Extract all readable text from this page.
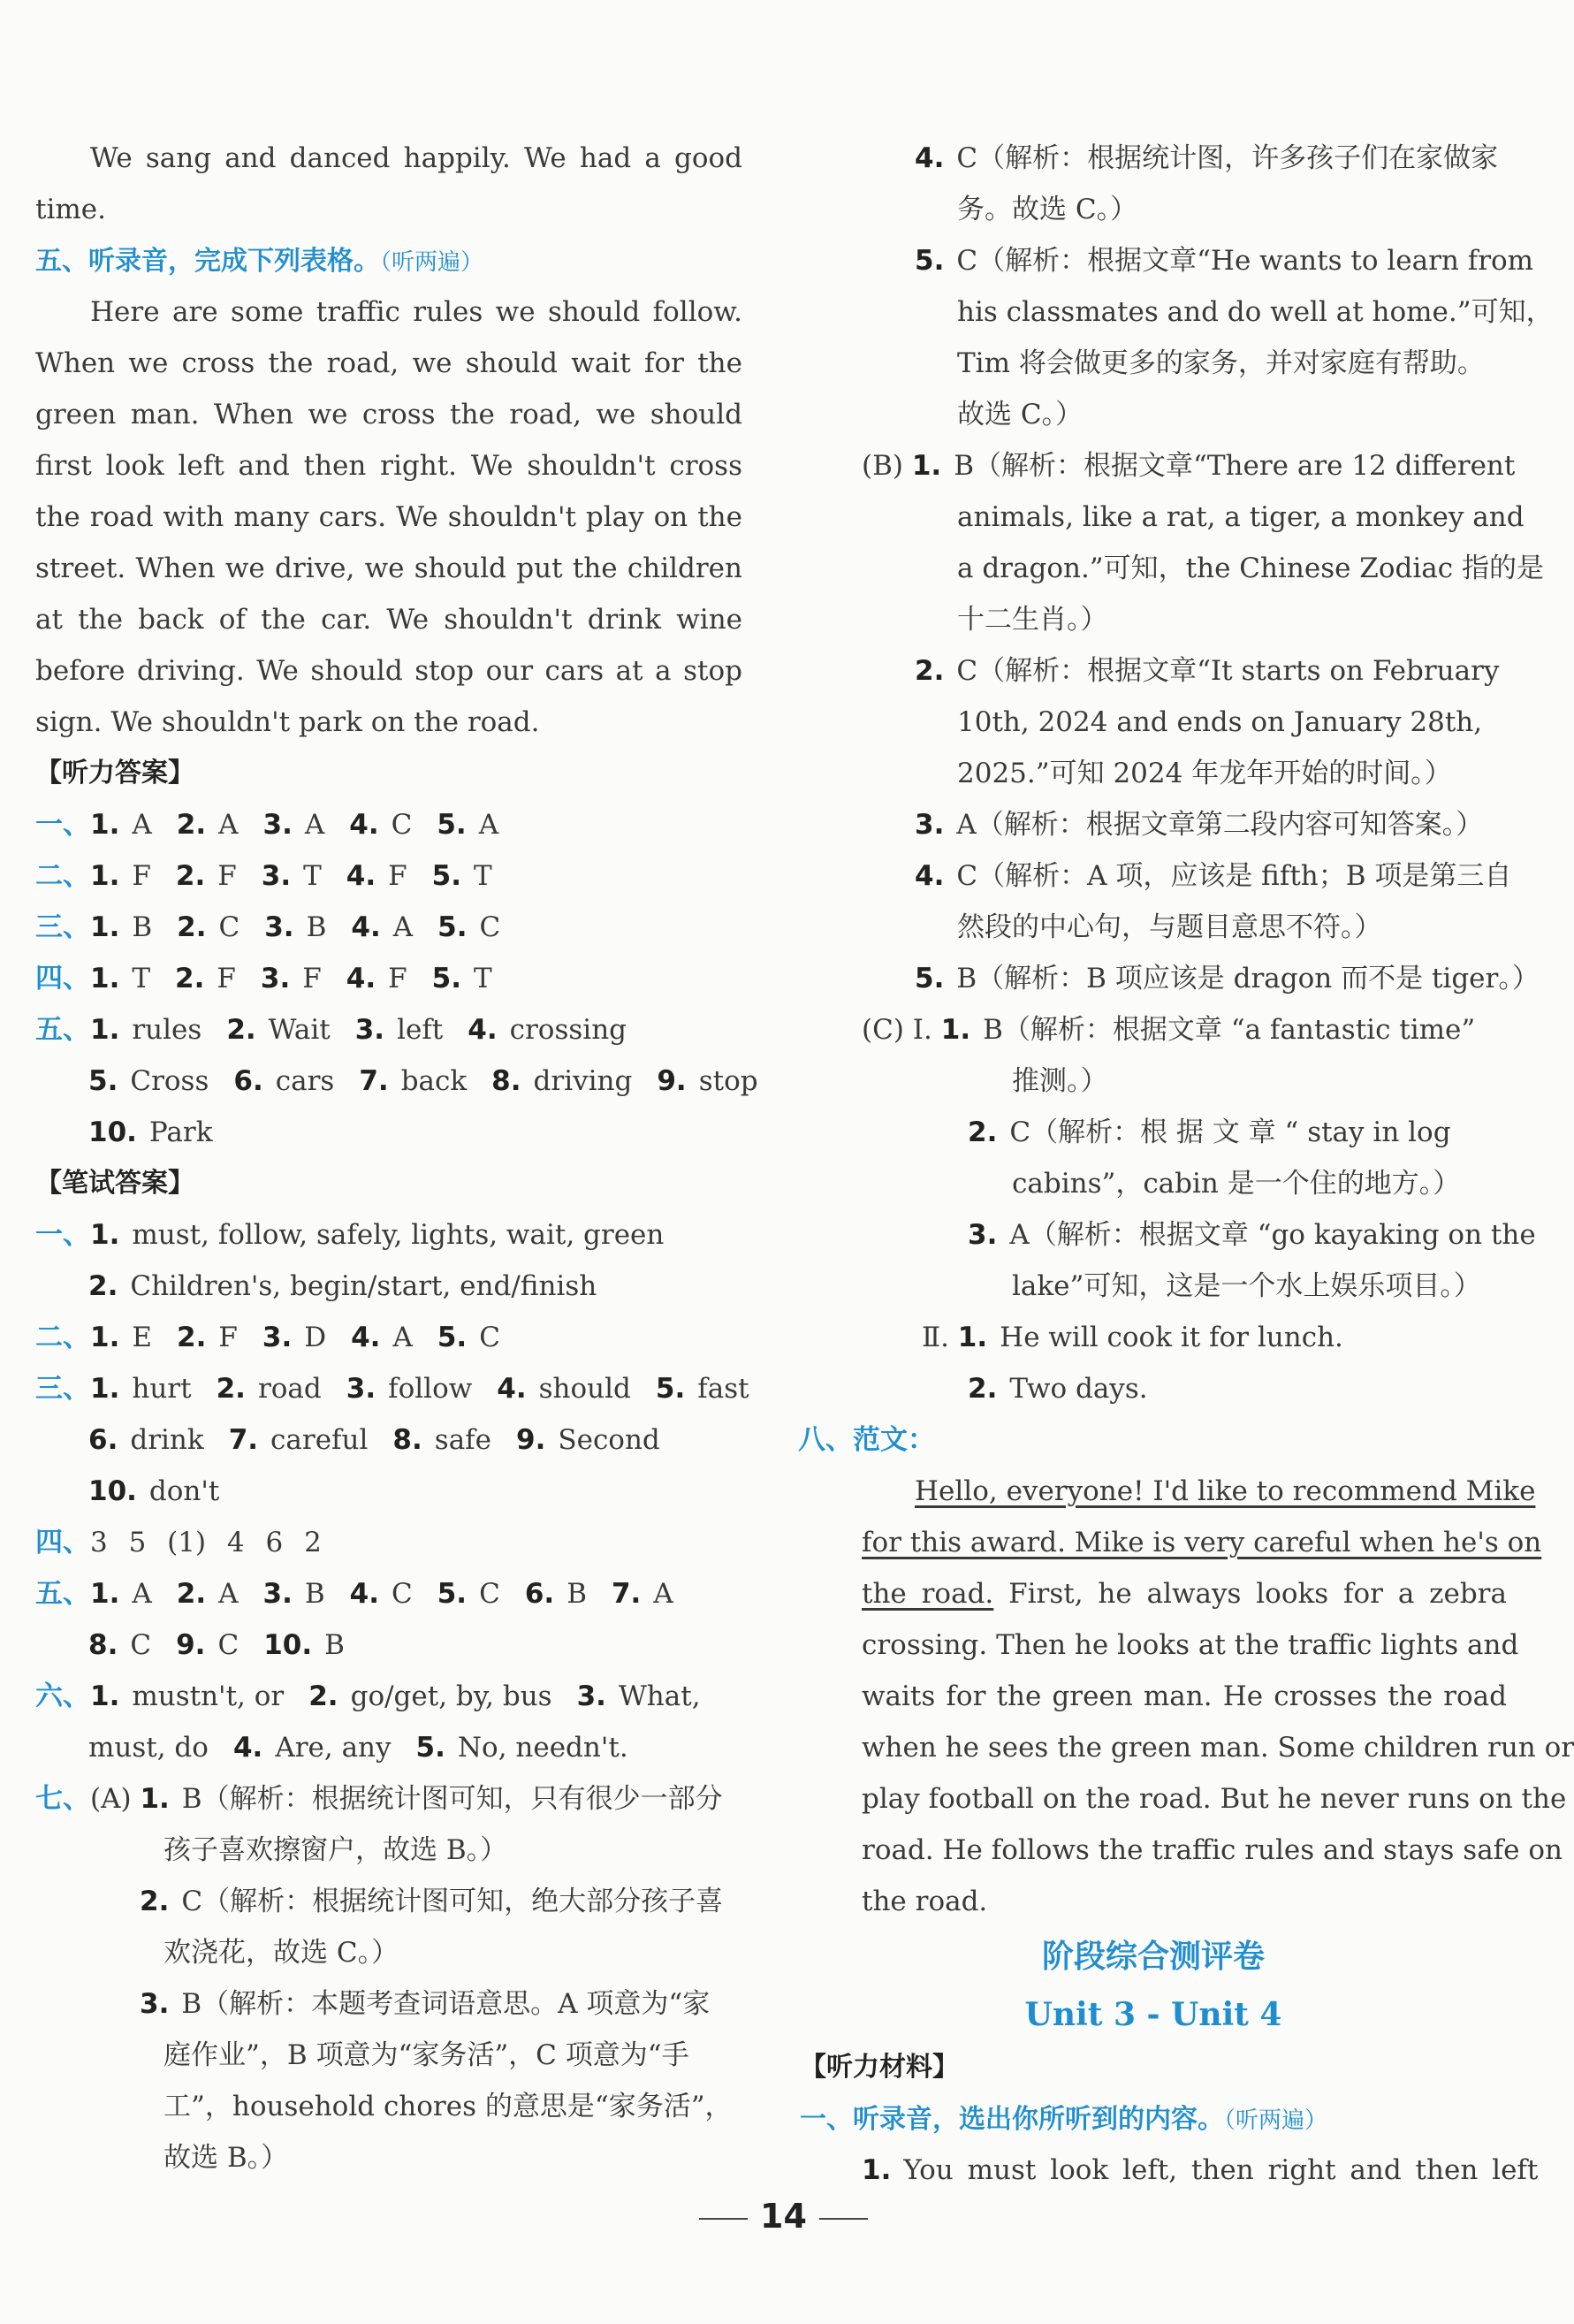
We sang and danced happily. We had a good
time.
五、听录音，完成下列表格。（听两遍）
Here are some traffic rules we should follow.
When we cross the road, we should wait for the
green man. When we cross the road, we should
first look left and then right. We shouldn't cross
the road with many cars. We shouldn't play on the
street. When we drive, we should put the children
at the back of the car. We shouldn't drink wine
before driving. We should stop our cars at a stop
sign. We shouldn't park on the road.
【听力答案】
一、1. A 2. A 3. A 4. C 5. A
二、1. F 2. F 3. T 4. F 5. T
三、1. B 2. C 3. B 4. A 5. C
四、1. T 2. F 3. F 4. F 5. T
五、1. rules 2. Wait 3. left 4. crossing
5. Cross 6. cars 7. back 8. driving 9. stop
10. Park
【笔试答案】
一、1. must, follow, safely, lights, wait, green
2. Children's, begin/start, end/finish
二、1. E 2. F 3. D 4. A 5. C
三、1. hurt 2. road 3. follow 4. should 5. fast
6. drink 7. careful 8. safe 9. Second
10. don't
四、3 5 (1) 4 6 2
五、1. A 2. A 3. B 4. C 5. C 6. B 7. A
8. C 9. C 10. B
六、1. mustn't, or 2. go/get, by, bus 3. What,
must, do 4. Are, any 5. No, needn't.
七、(A) 1. B（解析：根据统计图可知，只有很少一部分
孩子喜欢擦窗户，故选 B。）
2. C（解析：根据统计图可知，绝大部分孩子喜
欢浇花，故选 C。）
3. B（解析：本题考查词语意思。A 项意为“家
庭作业”，B 项意为“家务活”，C 项意为“手
工”，household chores 的意思是“家务活”，
故选 B。）
4. C（解析：根据统计图，许多孩子们在家做家
务。故选 C。）
5. C（解析：根据文章“He wants to learn from
his classmates and do well at home.”可知，
Tim 将会做更多的家务，并对家庭有帮助。
故选 C。）
(B) 1. B（解析：根据文章“There are 12 different
animals, like a rat, a tiger, a monkey and
a dragon.”可知，the Chinese Zodiac 指的是
十二生肖。）
2. C（解析：根据文章“It starts on February
10th, 2024 and ends on January 28th,
2025.”可知 2024 年龙年开始的时间。）
3. A（解析：根据文章第二段内容可知答案。）
4. C（解析：A 项，应该是 fifth；B 项是第三自
然段的中心句，与题目意思不符。）
5. B（解析：B 项应该是 dragon 而不是 tiger。）
(C) Ⅰ. 1. B（解析：根据文章 “a fantastic time”
推测。）
2. C（解析：根 据 文 章 “ stay in log
cabins”，cabin 是一个住的地方。）
3. A（解析：根据文章 “go kayaking on the
lake”可知，这是一个水上娱乐项目。）
Ⅱ. 1. He will cook it for lunch.
2. Two days.
八、范文：
Hello, everyone! I'd like to recommend Mike
for this award. Mike is very careful when he's on
the road. First, he always looks for a zebra
crossing. Then he looks at the traffic lights and
waits for the green man. He crosses the road
when he sees the green man. Some children run or
play football on the road. But he never runs on the
road. He follows the traffic rules and stays safe on
the road.
阶段综合测评卷
Unit 3 - Unit 4
【听力材料】
一、听录音，选出你所听到的内容。（听两遍）
1. You must look left, then right and then left
14
